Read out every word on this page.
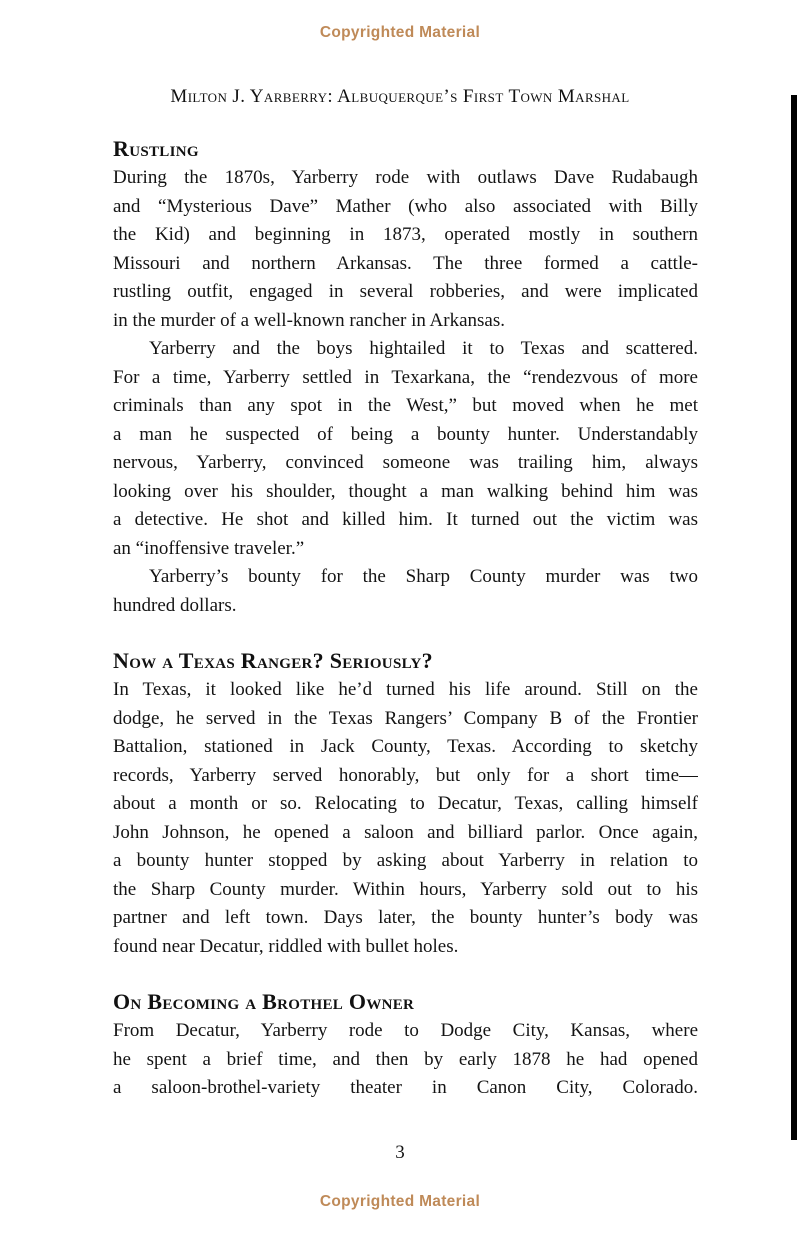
Copyrighted Material
Milton J. Yarberry: Albuquerque’s First Town Marshal
Rustling
During the 1870s, Yarberry rode with outlaws Dave Rudabaugh
and “Mysterious Dave” Mather (who also associated with Billy
the Kid) and beginning in 1873, operated mostly in southern
Missouri and northern Arkansas. The three formed a cattle-
rustling outfit, engaged in several robberies, and were implicated
in the murder of a well-known rancher in Arkansas.
Yarberry and the boys hightailed it to Texas and scattered.
For a time, Yarberry settled in Texarkana, the “rendezvous of more
criminals than any spot in the West,” but moved when he met
a man he suspected of being a bounty hunter. Understandably
nervous, Yarberry, convinced someone was trailing him, always
looking over his shoulder, thought a man walking behind him was
a detective. He shot and killed him. It turned out the victim was
an “inoffensive traveler.”
Yarberry’s bounty for the Sharp County murder was two
hundred dollars.
Now a Texas Ranger? Seriously?
In Texas, it looked like he’d turned his life around. Still on the
dodge, he served in the Texas Rangers’ Company B of the Frontier
Battalion, stationed in Jack County, Texas. According to sketchy
records, Yarberry served honorably, but only for a short time—
about a month or so. Relocating to Decatur, Texas, calling himself
John Johnson, he opened a saloon and billiard parlor. Once again,
a bounty hunter stopped by asking about Yarberry in relation to
the Sharp County murder. Within hours, Yarberry sold out to his
partner and left town. Days later, the bounty hunter’s body was
found near Decatur, riddled with bullet holes.
On Becoming a Brothel Owner
From Decatur, Yarberry rode to Dodge City, Kansas, where
he spent a brief time, and then by early 1878 he had opened
a saloon-brothel-variety theater in Canon City, Colorado.
3
Copyrighted Material
